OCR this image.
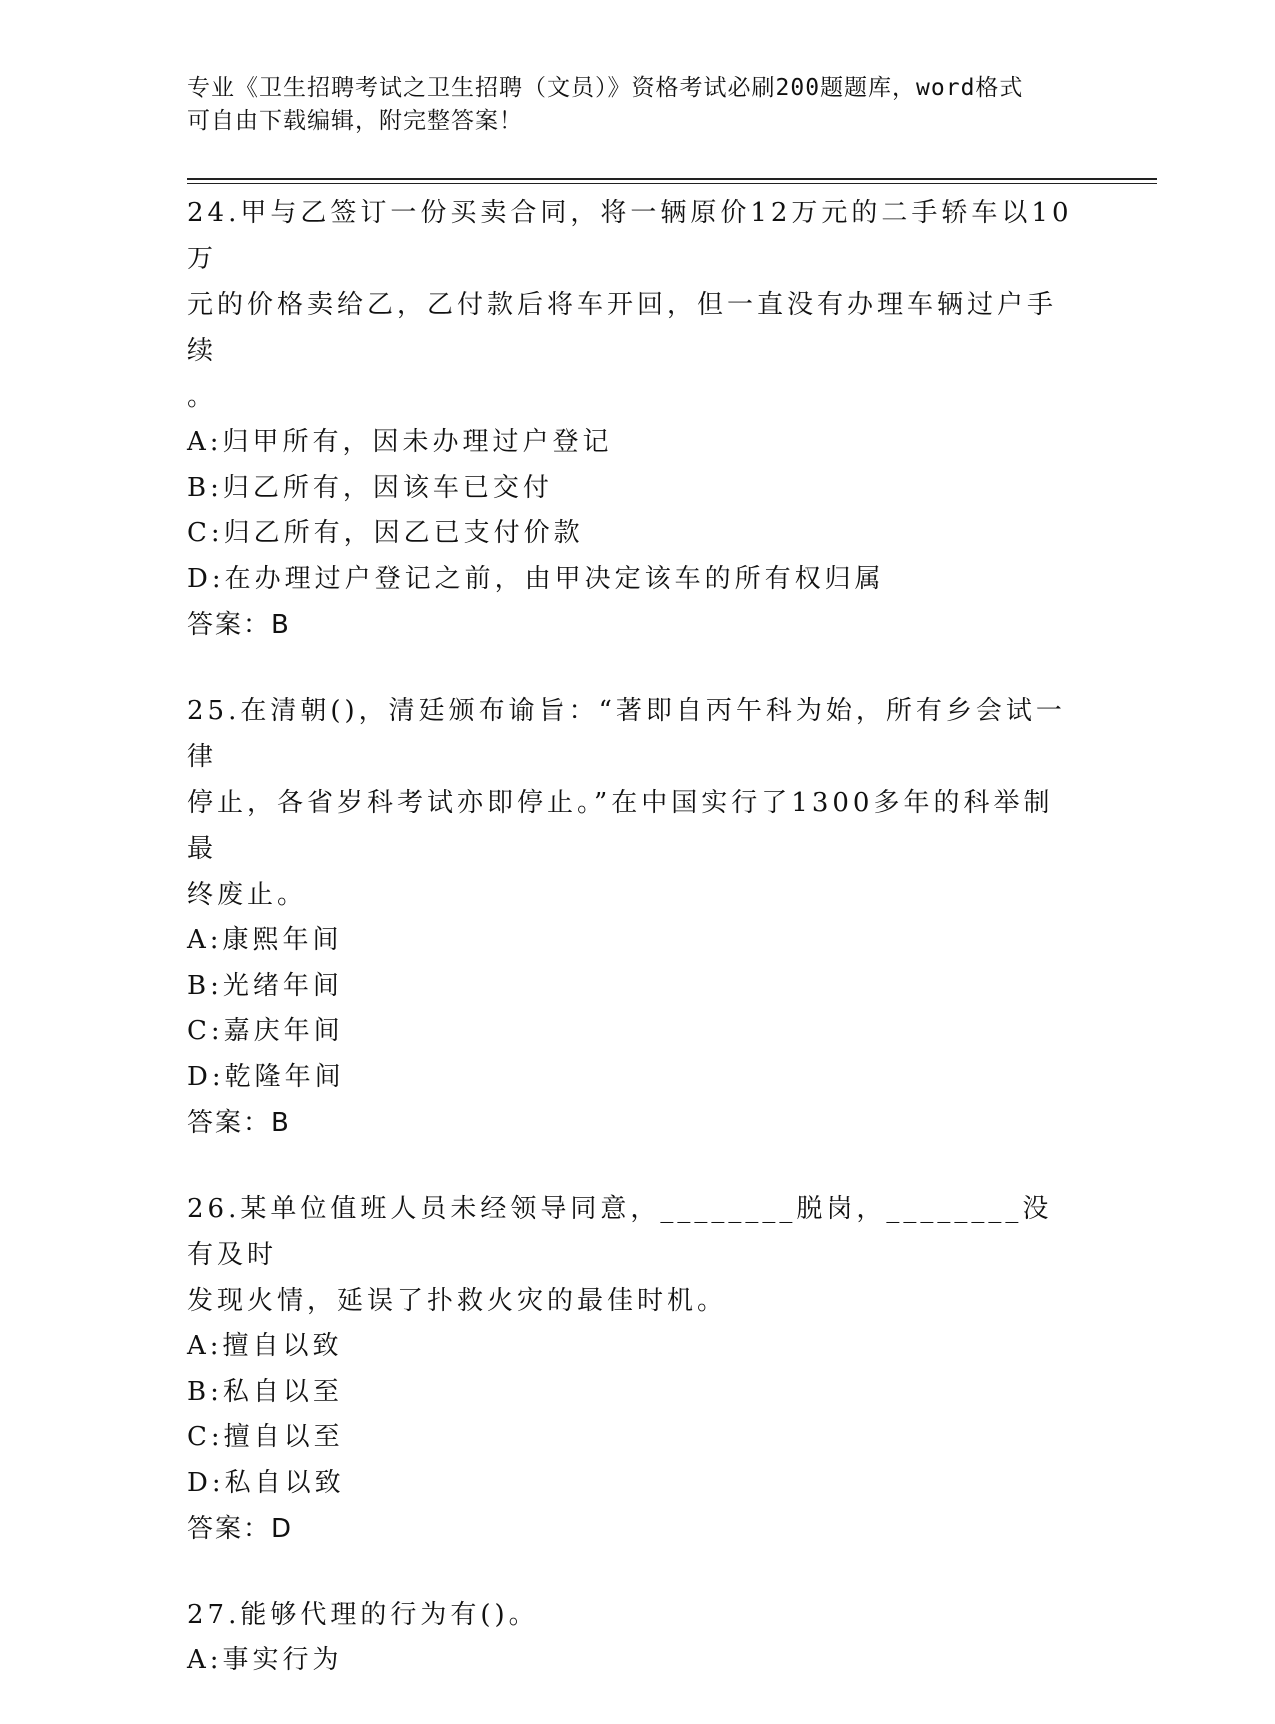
专业《卫生招聘考试之卫生招聘（文员）》资格考试必刷200题题库，word格式
可自由下载编辑，附完整答案！

24.甲与乙签订一份买卖合同，将一辆原价12万元的二手轿车以10万

元的价格卖给乙，乙付款后将车开回，但一直没有办理车辆过户手续

。

A:归甲所有，因未办理过户登记

B:归乙所有，因该车已交付

C:归乙所有，因乙已支付价款

D:在办理过户登记之前，由甲决定该车的所有权归属

答案：B

25.在清朝()，清廷颁布谕旨：“著即自丙午科为始，所有乡会试一律

停止，各省岁科考试亦即停止。”在中国实行了1300多年的科举制最

终废止。

A:康熙年间

B:光绪年间

C:嘉庆年间

D:乾隆年间

答案：B

26.某单位值班人员未经领导同意，________脱岗，________没有及时

发现火情，延误了扑救火灾的最佳时机。

A:擅自以致

B:私自以至

C:擅自以至

D:私自以致

答案：D

27.能够代理的行为有()。

A:事实行为
